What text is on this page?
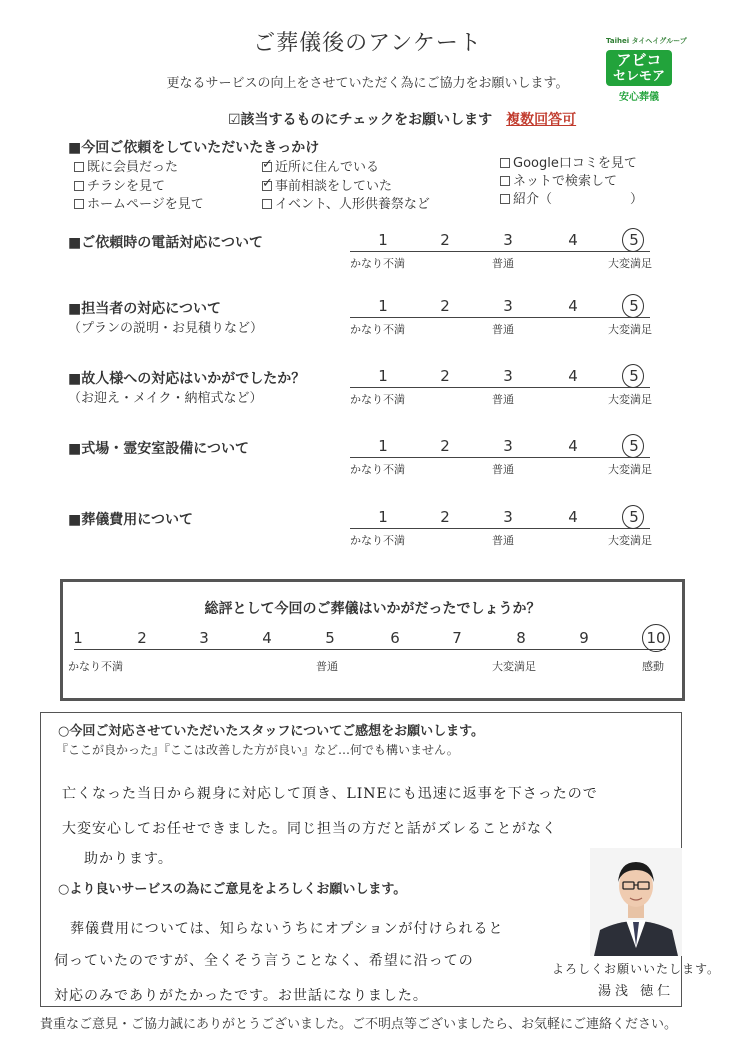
ご葬儀後のアンケート
更なるサービスの向上をさせていただく為にご協力をお願いします。
☑該当するものにチェックをお願いします 複数回答可
Taihei タイヘイグループ
アビコ
セレモア
安心葬儀
■今回ご依頼をしていただいたきっかけ
既に会員だった
チラシを見て
ホームページを見て
✓近所に住んでいる
✓事前相談をしていた
イベント、人形供養祭など
Google口コミを見て
ネットで検索して
紹介（　　　　　　）
■ご依頼時の電話対応について	1	2	3	4	5
かなり不満	普通	大変満足
■担当者の対応について
（プランの説明・お見積りなど）
1	2	3	4	5
かなり不満	普通	大変満足
■故人様への対応はいかがでしたか？
（お迎え・メイク・納棺式など）
1	2	3	4	5
かなり不満	普通	大変満足
■式場・霊安室設備について	1	2	3	4	5
かなり不満	普通	大変満足
■葬儀費用について	1	2	3	4	5
かなり不満	普通	大変満足
総評として今回のご葬儀はいかがだったでしょうか？
1	2	3	4	5	6	7	8	9	10
かなり不満	普通	大変満足	感動
○今回ご対応させていただいたスタッフについてご感想をお願いします。
『ここが良かった』『ここは改善した方が良い』など…何でも構いません。
亡くなった当日から親身に対応して頂き、LINEにも迅速に返事を下さったので
大変安心してお任せできました。同じ担当の方だと話がズレることがなく
助かります。
○より良いサービスの為にご意見をよろしくお願いします。
葬儀費用については、知らないうちにオプションが付けられると
伺っていたのですが、全くそう言うことなく、希望に沿っての
対応のみでありがたかったです。お世話になりました。
よろしくお願いいたします。
湯浅 徳仁
貴重なご意見・ご協力誠にありがとうございました。ご不明点等ございましたら、お気軽にご連絡ください。
